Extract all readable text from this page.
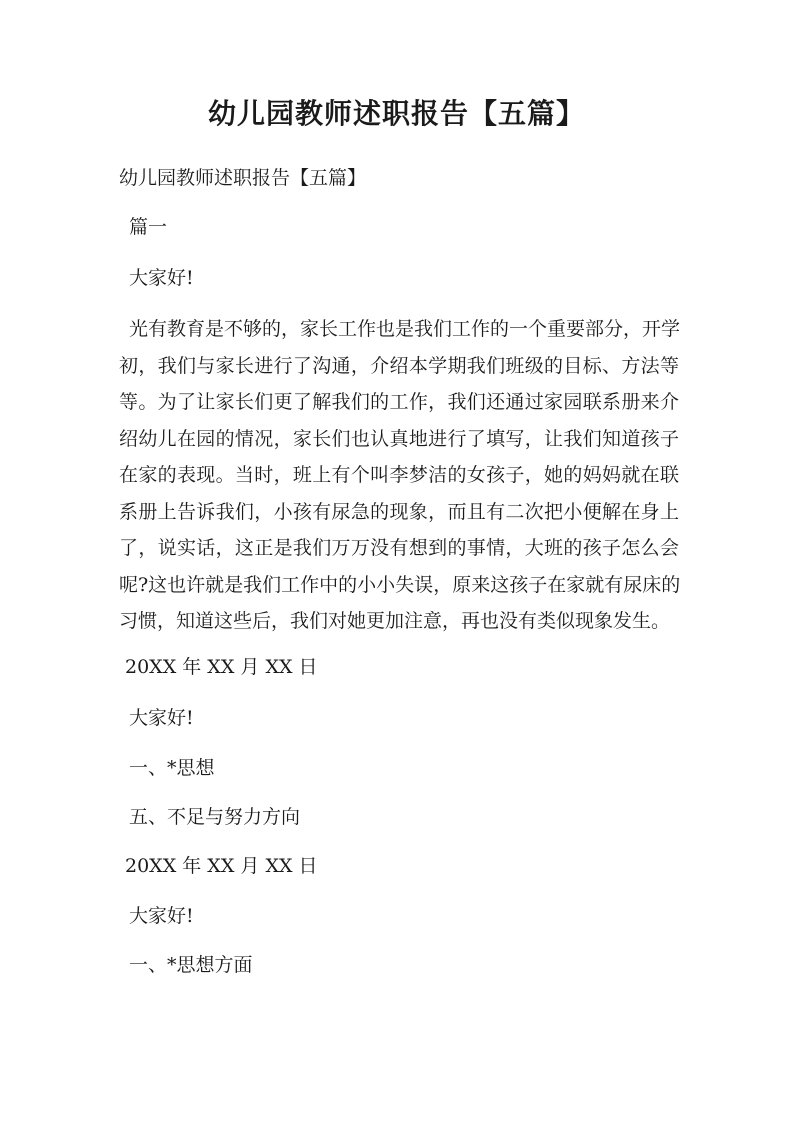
幼儿园教师述职报告【五篇】
幼儿园教师述职报告【五篇】
篇一
大家好!
光有教育是不够的，家长工作也是我们工作的一个重要部分，开学
初，我们与家长进行了沟通，介绍本学期我们班级的目标、方法等
等。为了让家长们更了解我们的工作，我们还通过家园联系册来介
绍幼儿在园的情况，家长们也认真地进行了填写，让我们知道孩子
在家的表现。当时，班上有个叫李梦洁的女孩子，她的妈妈就在联
系册上告诉我们，小孩有尿急的现象，而且有二次把小便解在身上
了，说实话，这正是我们万万没有想到的事情，大班的孩子怎么会
呢?这也许就是我们工作中的小小失误，原来这孩子在家就有尿床的
习惯，知道这些后，我们对她更加注意，再也没有类似现象发生。
20XX 年 XX 月 XX 日
大家好!
一、*思想
五、不足与努力方向
20XX 年 XX 月 XX 日
大家好!
一、*思想方面
